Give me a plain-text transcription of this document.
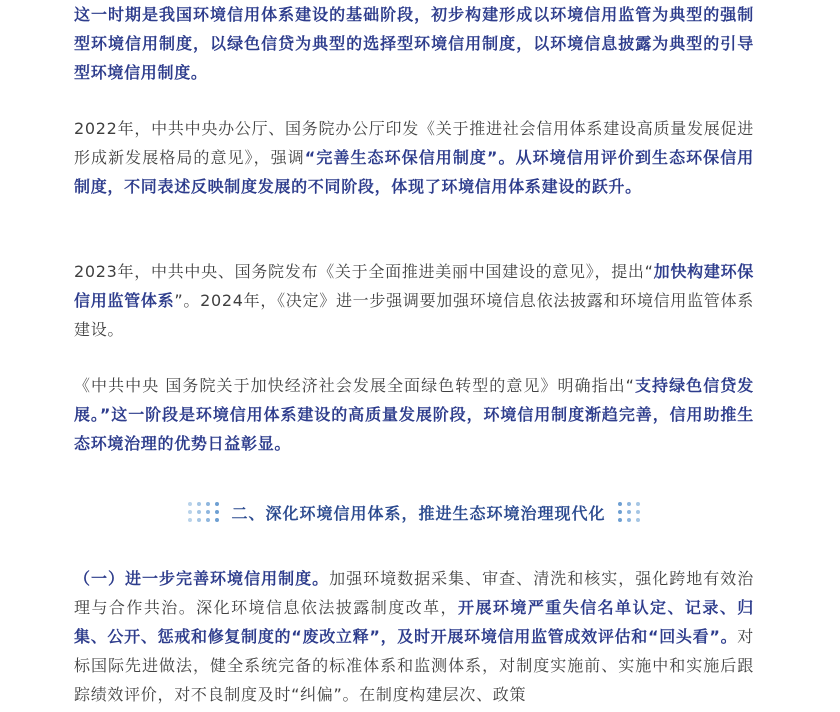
这一时期是我国环境信用体系建设的基础阶段，初步构建形成以环境信用监管为典型的强制型环境信用制度，以绿色信贷为典型的选择型环境信用制度，以环境信息披露为典型的引导型环境信用制度。

2022年，中共中央办公厅、国务院办公厅印发《关于推进社会信用体系建设高质量发展促进形成新发展格局的意见》，强调“完善生态环保信用制度”。从环境信用评价到生态环保信用制度，不同表述反映制度发展的不同阶段，体现了环境信用体系建设的跃升。

2023年，中共中央、国务院发布《关于全面推进美丽中国建设的意见》，提出“加快构建环保信用监管体系”。2024年，《决定》进一步强调要加强环境信息依法披露和环境信用监管体系建设。

《中共中央 国务院关于加快经济社会发展全面绿色转型的意见》明确指出“支持绿色信贷发展。”这一阶段是环境信用体系建设的高质量发展阶段，环境信用制度渐趋完善，信用助推生态环境治理的优势日益彰显。

二、深化环境信用体系，推进生态环境治理现代化

（一）进一步完善环境信用制度。加强环境数据采集、审查、清洗和核实，强化跨地有效治理与合作共治。深化环境信息依法披露制度改革，开展环境严重失信名单认定、记录、归集、公开、惩戒和修复制度的“废改立释”，及时开展环境信用监管成效评估和“回头看”。对标国际先进做法，健全系统完备的标准体系和监测体系，对制度实施前、实施中和实施后跟踪绩效评价，对不良制度及时“纠偏”。在制度构建层次、政策
